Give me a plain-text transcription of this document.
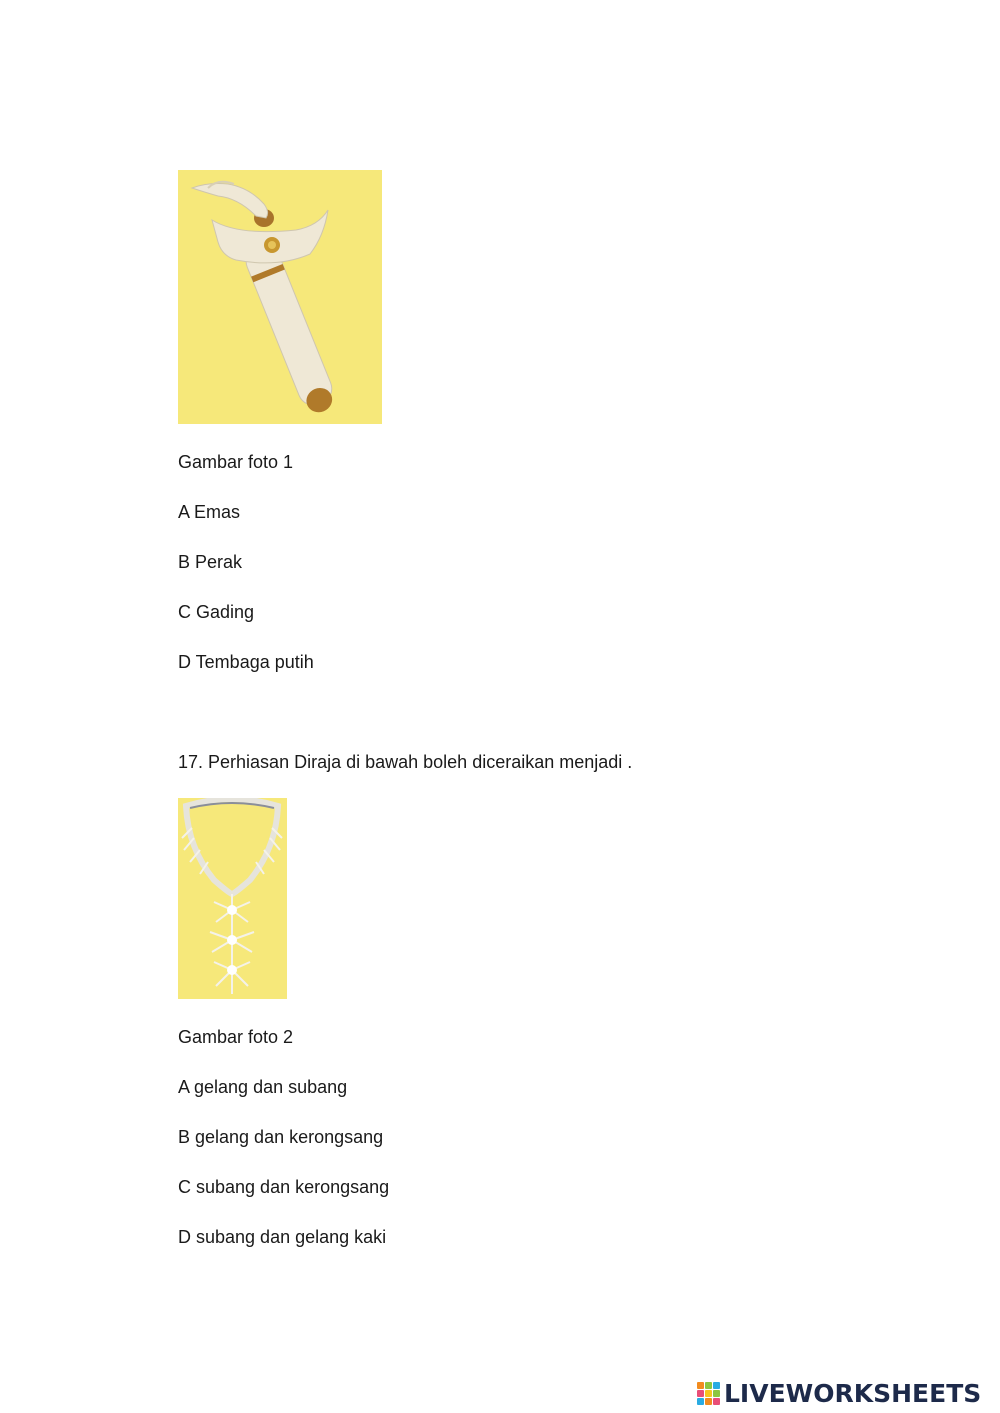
Gambar foto 1
A Emas
B Perak
C Gading
D Tembaga putih
17. Perhiasan Diraja di bawah boleh diceraikan menjadi .
Gambar foto 2
A gelang dan subang
B gelang dan kerongsang
C subang dan kerongsang
D subang dan gelang kaki
LIVEWORKSHEETS
